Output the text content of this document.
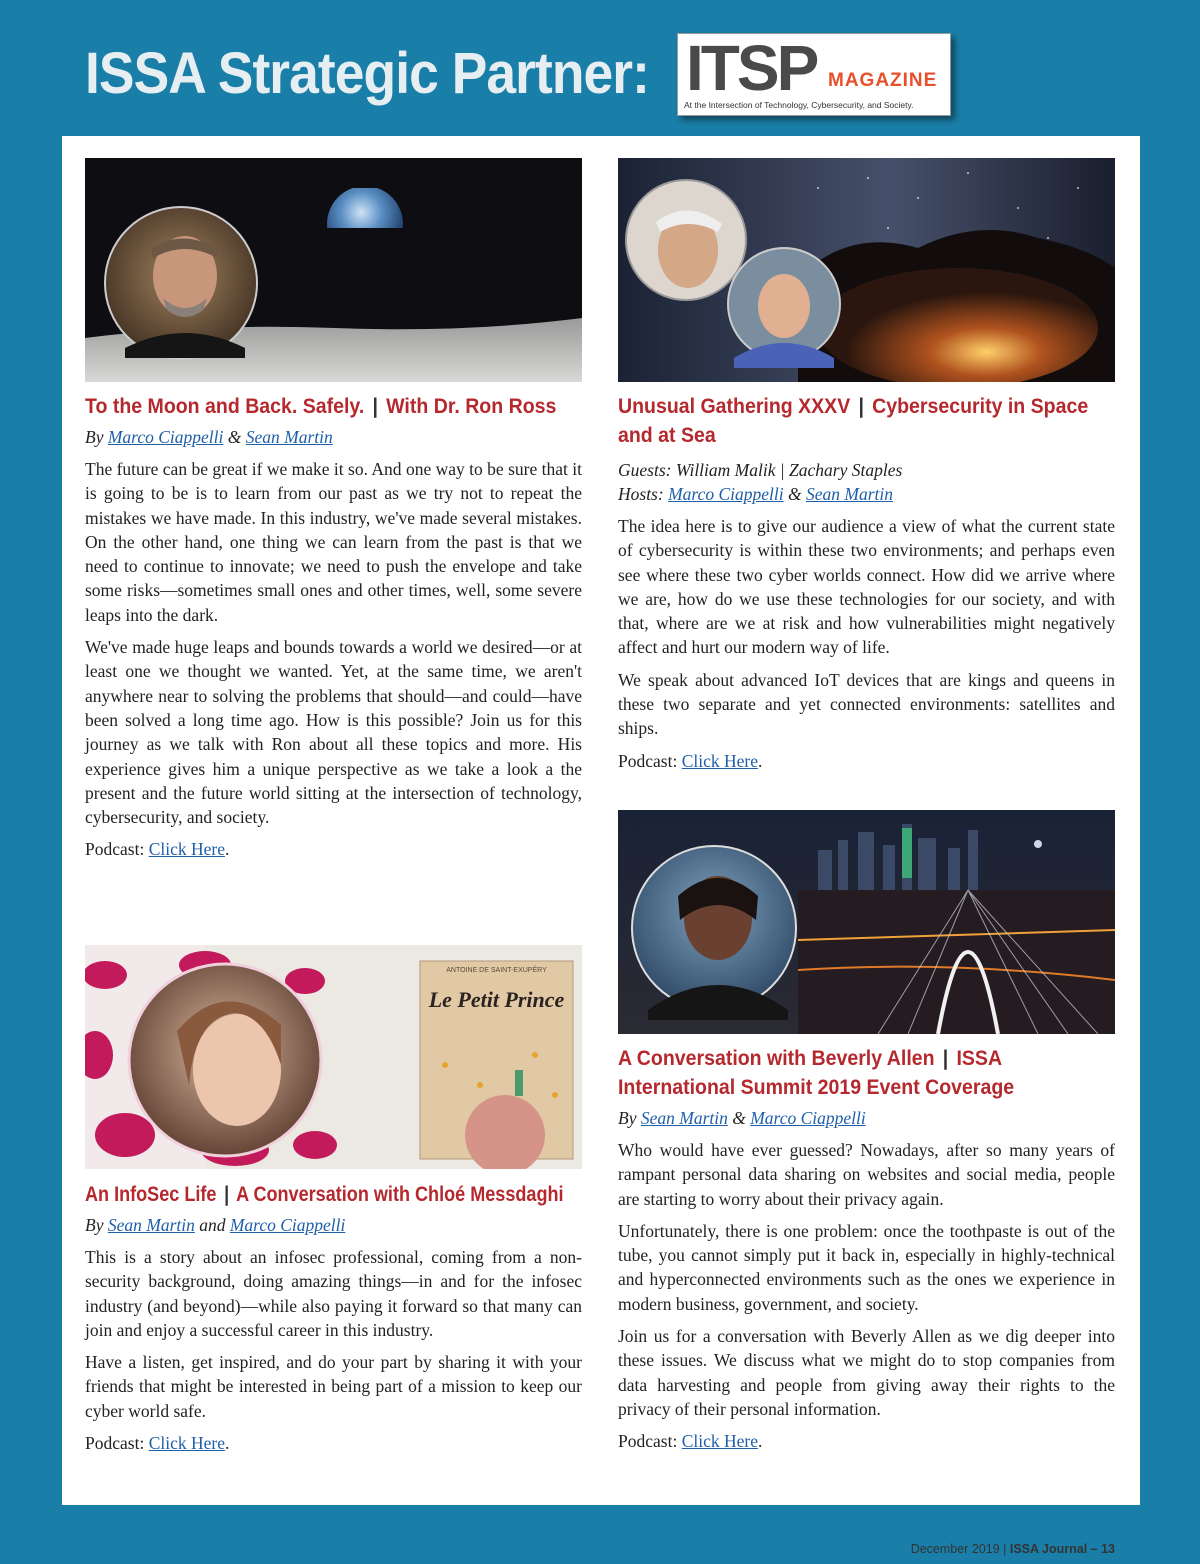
ISSA Strategic Partner: ITSP MAGAZINE
At the Intersection of Technology, Cybersecurity, and Society.
To the Moon and Back. Safely. | With Dr. Ron Ross
By Marco Ciappelli & Sean Martin

The future can be great if we make it so. And one way to be sure that it is going to be is to learn from our past as we try not to repeat the mistakes we have made. In this industry, we've made several mistakes. On the other hand, one thing we can learn from the past is that we need to continue to innovate; we need to push the envelope and take some risks—sometimes small ones and other times, well, some severe leaps into the dark.

We've made huge leaps and bounds towards a world we desired—or at least one we thought we wanted. Yet, at the same time, we aren't anywhere near to solving the problems that should—and could—have been solved a long time ago. How is this possible? Join us for this journey as we talk with Ron about all these topics and more. His experience gives him a unique perspective as we take a look a the present and the future world sitting at the intersection of technology, cybersecurity, and society.

Podcast: Click Here.
ANTOINE DE SAINT-EXUPÉRY
Le Petit Prince
An InfoSec Life | A Conversation with Chloé Messdaghi
By Sean Martin and Marco Ciappelli

This is a story about an infosec professional, coming from a non-security background, doing amazing things—in and for the infosec industry (and beyond)—while also paying it forward so that many can join and enjoy a successful career in this industry.

Have a listen, get inspired, and do your part by sharing it with your friends that might be interested in being part of a mission to keep our cyber world safe.

Podcast: Click Here.
Unusual Gathering XXXV | Cybersecurity in Space and at Sea
Guests: William Malik | Zachary Staples
Hosts: Marco Ciappelli & Sean Martin

The idea here is to give our audience a view of what the current state of cybersecurity is within these two environments; and perhaps even see where these two cyber worlds connect. How did we arrive where we are, how do we use these technologies for our society, and with that, where are we at risk and how vulnerabilities might negatively affect and hurt our modern way of life.

We speak about advanced IoT devices that are kings and queens in these two separate and yet connected environments: satellites and ships.

Podcast: Click Here.
A Conversation with Beverly Allen | ISSA International Summit 2019 Event Coverage
By Sean Martin & Marco Ciappelli

Who would have ever guessed? Nowadays, after so many years of rampant personal data sharing on websites and social media, people are starting to worry about their privacy again.

Unfortunately, there is one problem: once the toothpaste is out of the tube, you cannot simply put it back in, especially in highly-technical and hyperconnected environments such as the ones we experience in modern business, government, and society.

Join us for a conversation with Beverly Allen as we dig deeper into these issues. We discuss what we might do to stop companies from data harvesting and people from giving away their rights to the privacy of their personal information.

Podcast: Click Here.
December 2019 | ISSA Journal – 13
